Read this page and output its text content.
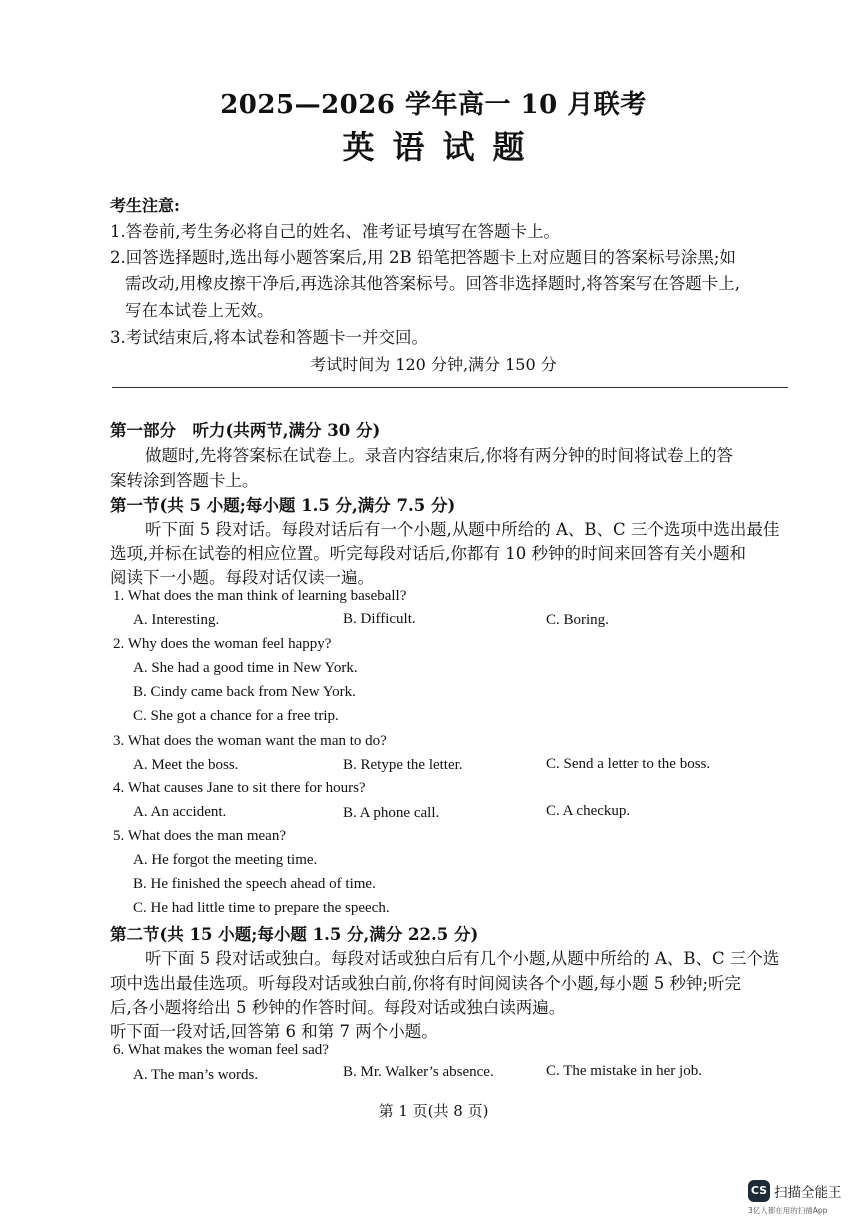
2025—2026 学年高一 10 月联考
英语试题
考生注意:
1.答卷前,考生务必将自己的姓名、准考证号填写在答题卡上。
2.回答选择题时,选出每小题答案后,用 2B 铅笔把答题卡上对应题目的答案标号涂黑;如
需改动,用橡皮擦干净后,再选涂其他答案标号。回答非选择题时,将答案写在答题卡上,
写在本试卷上无效。
3.考试结束后,将本试卷和答题卡一并交回。
考试时间为 120 分钟,满分 150 分
第一部分　听力(共两节,满分 30 分)
做题时,先将答案标在试卷上。录音内容结束后,你将有两分钟的时间将试卷上的答
案转涂到答题卡上。
第一节(共 5 小题;每小题 1.5 分,满分 7.5 分)
听下面 5 段对话。每段对话后有一个小题,从题中所给的 A、B、C 三个选项中选出最佳
选项,并标在试卷的相应位置。听完每段对话后,你都有 10 秒钟的时间来回答有关小题和
阅读下一小题。每段对话仅读一遍。
1. What does the man think of learning baseball?
A. Interesting.	B. Difficult.	C. Boring.
2. Why does the woman feel happy?
A. She had a good time in New York.
B. Cindy came back from New York.
C. She got a chance for a free trip.
3. What does the woman want the man to do?
A. Meet the boss.	B. Retype the letter.	C. Send a letter to the boss.
4. What causes Jane to sit there for hours?
A. An accident.	B. A phone call.	C. A checkup.
5. What does the man mean?
A. He forgot the meeting time.
B. He finished the speech ahead of time.
C. He had little time to prepare the speech.
第二节(共 15 小题;每小题 1.5 分,满分 22.5 分)
听下面 5 段对话或独白。每段对话或独白后有几个小题,从题中所给的 A、B、C 三个选
项中选出最佳选项。听每段对话或独白前,你将有时间阅读各个小题,每小题 5 秒钟;听完
后,各小题将给出 5 秒钟的作答时间。每段对话或独白读两遍。
听下面一段对话,回答第 6 和第 7 两个小题。
6. What makes the woman feel sad?
A. The man’s words.	B. Mr. Walker’s absence.	C. The mistake in her job.
第 1 页(共 8 页)
CS 扫描全能王
3亿人都在用的扫描App
